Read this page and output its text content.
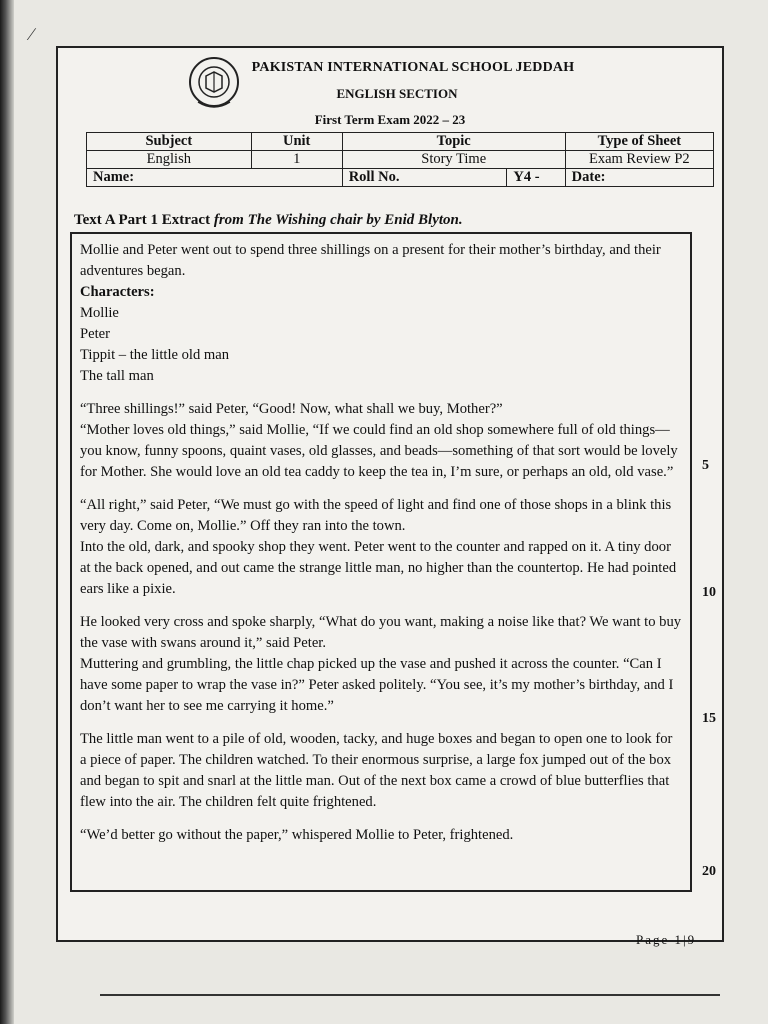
∕
PAKISTAN INTERNATIONAL SCHOOL JEDDAH
ENGLISH SECTION
First Term Exam 2022 – 23
Subject	Unit	Topic		Type of Sheet
English	1	Story Time		Exam Review P2
Name:		Roll No.	Y4 -	Date:
Text A Part 1 Extract from The Wishing chair by Enid Blyton.

Mollie and Peter went out to spend three shillings on a present for their mother’s birthday, and their adventures began.

Characters:

Mollie

Peter

Tippit – the little old man

The tall man

“Three shillings!” said Peter, “Good! Now, what shall we buy, Mother?”

“Mother loves old things,” said Mollie, “If we could find an old shop somewhere full of old things—you know, funny spoons, quaint vases, old glasses, and beads—something of that sort would be lovely for Mother. She would love an old tea caddy to keep the tea in, I’m sure, or perhaps an old, old vase.”

“All right,” said Peter, “We must go with the speed of light and find one of those shops in a blink this very day. Come on, Mollie.” Off they ran into the town.

Into the old, dark, and spooky shop they went. Peter went to the counter and rapped on it. A tiny door at the back opened, and out came the strange little man, no higher than the countertop. He had pointed ears like a pixie.

He looked very cross and spoke sharply, “What do you want, making a noise like that? We want to buy the vase with swans around it,” said Peter.

Muttering and grumbling, the little chap picked up the vase and pushed it across the counter. “Can I have some paper to wrap the vase in?” Peter asked politely. “You see, it’s my mother’s birthday, and I don’t want her to see me carrying it home.”

The little man went to a pile of old, wooden, tacky, and huge boxes and began to open one to look for a piece of paper. The children watched. To their enormous surprise, a large fox jumped out of the box and began to spit and snarl at the little man. Out of the next box came a crowd of blue butterflies that flew into the air. The children felt quite frightened.

“We’d better go without the paper,” whispered Mollie to Peter, frightened.

5
10
15
20
Page 1|9
